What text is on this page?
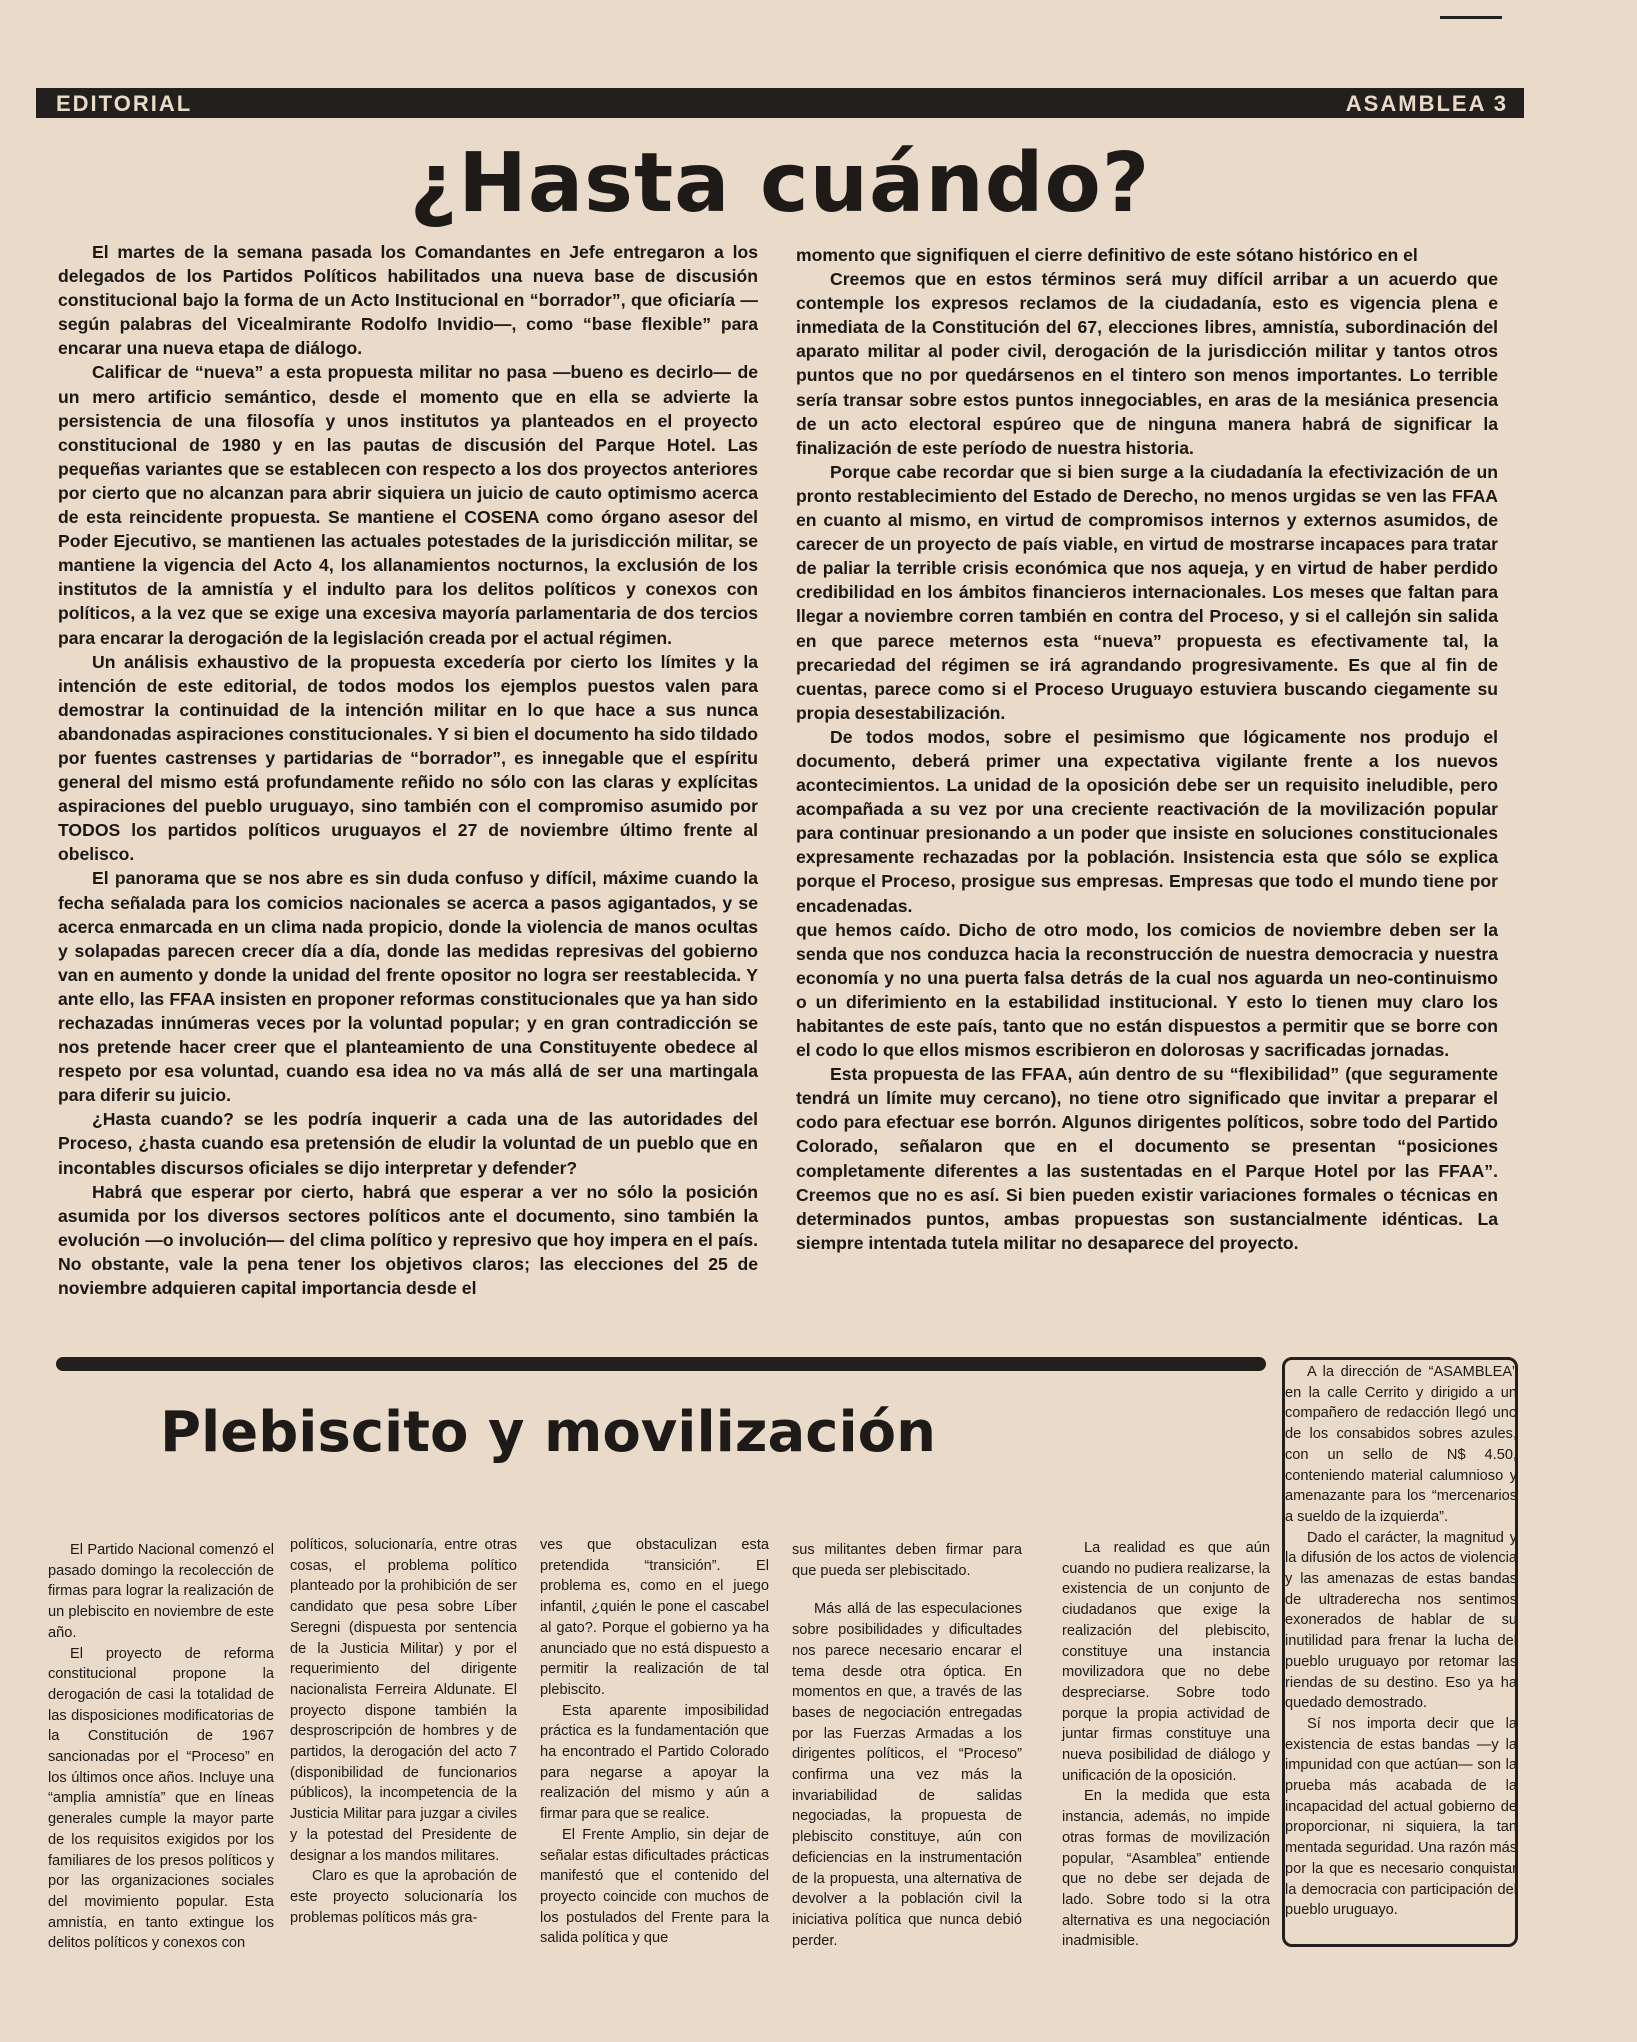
EDITORIAL	ASAMBLEA 3
¿Hasta cuándo?

El martes de la semana pasada los Comandantes en Jefe entregaron a los delegados de los Partidos Políticos habilitados una nueva base de discusión constitucional bajo la forma de un Acto Institucional en “borrador”, que oficiaría —según palabras del Vicealmirante Rodolfo Invidio—, como “base flexible” para encarar una nueva etapa de diálogo.

Calificar de “nueva” a esta propuesta militar no pasa —bueno es decirlo— de un mero artificio semántico, desde el momento que en ella se advierte la persistencia de una filosofía y unos institutos ya planteados en el proyecto constitucional de 1980 y en las pautas de discusión del Parque Hotel. Las pequeñas variantes que se establecen con respecto a los dos proyectos anteriores por cierto que no alcanzan para abrir siquiera un juicio de cauto optimismo acerca de esta reincidente propuesta. Se mantiene el COSENA como órgano asesor del Poder Ejecutivo, se mantienen las actuales potestades de la jurisdicción militar, se mantiene la vigencia del Acto 4, los allanamientos nocturnos, la exclusión de los institutos de la amnistía y el indulto para los delitos políticos y conexos con políticos, a la vez que se exige una excesiva mayoría parlamentaria de dos tercios para encarar la derogación de la legislación creada por el actual régimen.

Un análisis exhaustivo de la propuesta excedería por cierto los límites y la intención de este editorial, de todos modos los ejemplos puestos valen para demostrar la continuidad de la intención militar en lo que hace a sus nunca abandonadas aspiraciones constitucionales. Y si bien el documento ha sido tildado por fuentes castrenses y partidarias de “borrador”, es innegable que el espíritu general del mismo está profundamente reñido no sólo con las claras y explícitas aspiraciones del pueblo uruguayo, sino también con el compromiso asumido por TODOS los partidos políticos uruguayos el 27 de noviembre último frente al obelisco.

El panorama que se nos abre es sin duda confuso y difícil, máxime cuando la fecha señalada para los comicios nacionales se acerca a pasos agigantados, y se acerca enmarcada en un clima nada propicio, donde la violencia de manos ocultas y solapadas parecen crecer día a día, donde las medidas represivas del gobierno van en aumento y donde la unidad del frente opositor no logra ser reestablecida. Y ante ello, las FFAA insisten en proponer reformas constitucionales que ya han sido rechazadas innúmeras veces por la voluntad popular; y en gran contradicción se nos pretende hacer creer que el planteamiento de una Constituyente obedece al respeto por esa voluntad, cuando esa idea no va más allá de ser una martingala para diferir su juicio.

¿Hasta cuando? se les podría inquerir a cada una de las autoridades del Proceso, ¿hasta cuando esa pretensión de eludir la voluntad de un pueblo que en incontables discursos oficiales se dijo interpretar y defender?

Habrá que esperar por cierto, habrá que esperar a ver no sólo la posición asumida por los diversos sectores políticos ante el documento, sino también la evolución —o involución— del clima político y represivo que hoy impera en el país. No obstante, vale la pena tener los objetivos claros; las elecciones del 25 de noviembre adquieren capital importancia desde el

momento que signifiquen el cierre definitivo de este sótano histórico en el

Creemos que en estos términos será muy difícil arribar a un acuerdo que contemple los expresos reclamos de la ciudadanía, esto es vigencia plena e inmediata de la Constitución del 67, elecciones libres, amnistía, subordinación del aparato militar al poder civil, derogación de la jurisdicción militar y tantos otros puntos que no por quedársenos en el tintero son menos importantes. Lo terrible sería transar sobre estos puntos innegociables, en aras de la mesiánica presencia de un acto electoral espúreo que de ninguna manera habrá de significar la finalización de este período de nuestra historia.

Porque cabe recordar que si bien surge a la ciudadanía la efectivización de un pronto restablecimiento del Estado de Derecho, no menos urgidas se ven las FFAA en cuanto al mismo, en virtud de compromisos internos y externos asumidos, de carecer de un proyecto de país viable, en virtud de mostrarse incapaces para tratar de paliar la terrible crisis económica que nos aqueja, y en virtud de haber perdido credibilidad en los ámbitos financieros internacionales. Los meses que faltan para llegar a noviembre corren también en contra del Proceso, y si el callejón sin salida en que parece meternos esta “nueva” propuesta es efectivamente tal, la precariedad del régimen se irá agrandando progresivamente. Es que al fin de cuentas, parece como si el Proceso Uruguayo estuviera buscando ciegamente su propia desestabilización.

De todos modos, sobre el pesimismo que lógicamente nos produjo el documento, deberá primer una expectativa vigilante frente a los nuevos acontecimientos. La unidad de la oposición debe ser un requisito ineludible, pero acompañada a su vez por una creciente reactivación de la movilización popular para continuar presionando a un poder que insiste en soluciones constitucionales expresamente rechazadas por la población. Insistencia esta que sólo se explica porque el Proceso, prosigue sus empresas. Empresas que todo el mundo tiene por encadenadas.

que hemos caído. Dicho de otro modo, los comicios de noviembre deben ser la senda que nos conduzca hacia la reconstrucción de nuestra democracia y nuestra economía y no una puerta falsa detrás de la cual nos aguarda un neo-continuismo o un diferimiento en la estabilidad institucional. Y esto lo tienen muy claro los habitantes de este país, tanto que no están dispuestos a permitir que se borre con el codo lo que ellos mismos escribieron en dolorosas y sacrificadas jornadas.

Esta propuesta de las FFAA, aún dentro de su “flexibilidad” (que seguramente tendrá un límite muy cercano), no tiene otro significado que invitar a preparar el codo para efectuar ese borrón. Algunos dirigentes políticos, sobre todo del Partido Colorado, señalaron que en el documento se presentan “posiciones completamente diferentes a las sustentadas en el Parque Hotel por las FFAA”. Creemos que no es así. Si bien pueden existir variaciones formales o técnicas en determinados puntos, ambas propuestas son sustancialmente idénticas. La siempre intentada tutela militar no desaparece del proyecto.

Plebiscito y movilización

El Partido Nacional comenzó el pasado domingo la recolección de firmas para lograr la realización de un plebiscito en noviembre de este año.

El proyecto de reforma constitucional propone la derogación de casi la totalidad de las disposiciones modificatorias de la Constitución de 1967 sancionadas por el “Proceso” en los últimos once años. Incluye una “amplia amnistía” que en líneas generales cumple la mayor parte de los requisitos exigidos por los familiares de los presos políticos y por las organizaciones sociales del movimiento popular. Esta amnistía, en tanto extingue los delitos políticos y conexos con

políticos, solucionaría, entre otras cosas, el problema político planteado por la prohibición de ser candidato que pesa sobre Líber Seregni (dispuesta por sentencia de la Justicia Militar) y por el requerimiento del dirigente nacionalista Ferreira Aldunate. El proyecto dispone también la desproscripción de hombres y de partidos, la derogación del acto 7 (disponibilidad de funcionarios públicos), la incompetencia de la Justicia Militar para juzgar a civiles y la potestad del Presidente de designar a los mandos militares.

Claro es que la aprobación de este proyecto solucionaría los problemas políticos más gra-

ves que obstaculizan esta pretendida “transición”. El problema es, como en el juego infantil, ¿quién le pone el cascabel al gato?. Porque el gobierno ya ha anunciado que no está dispuesto a permitir la realización de tal plebiscito.

Esta aparente imposibilidad práctica es la fundamentación que ha encontrado el Partido Colorado para negarse a apoyar la realización del mismo y aún a firmar para que se realice.

El Frente Amplio, sin dejar de señalar estas dificultades prácticas manifestó que el contenido del proyecto coincide con muchos de los postulados del Frente para la salida política y que

sus militantes deben firmar para que pueda ser plebiscitado.

Más allá de las especulaciones sobre posibilidades y dificultades nos parece necesario encarar el tema desde otra óptica. En momentos en que, a través de las bases de negociación entregadas por las Fuerzas Armadas a los dirigentes políticos, el “Proceso” confirma una vez más la invariabilidad de salidas negociadas, la propuesta de plebiscito constituye, aún con deficiencias en la instrumentación de la propuesta, una alternativa de devolver a la población civil la iniciativa política que nunca debió perder.

La realidad es que aún cuando no pudiera realizarse, la existencia de un conjunto de ciudadanos que exige la realización del plebiscito, constituye una instancia movilizadora que no debe despreciarse. Sobre todo porque la propia actividad de juntar firmas constituye una nueva posibilidad de diálogo y unificación de la oposición.

En la medida que esta instancia, además, no impide otras formas de movilización popular, “Asamblea” entiende que no debe ser dejada de lado. Sobre todo si la otra alternativa es una negociación inadmisible.

A la dirección de “ASAMBLEA” en la calle Cerrito y dirigido a un compañero de redacción llegó uno de los consabidos sobres azules, con un sello de N$ 4.50, conteniendo material calumnioso y amenazante para los “mercenarios a sueldo de la izquierda”.

Dado el carácter, la magnitud y la difusión de los actos de violencia y las amenazas de estas bandas de ultraderecha nos sentimos exonerados de hablar de su inutilidad para frenar la lucha del pueblo uruguayo por retomar las riendas de su destino. Eso ya ha quedado demostrado.

Sí nos importa decir que la existencia de estas bandas —y la impunidad con que actúan— son la prueba más acabada de la incapacidad del actual gobierno de proporcionar, ni siquiera, la tan mentada seguridad. Una razón más por la que es necesario conquistar la democracia con participación del pueblo uruguayo.
